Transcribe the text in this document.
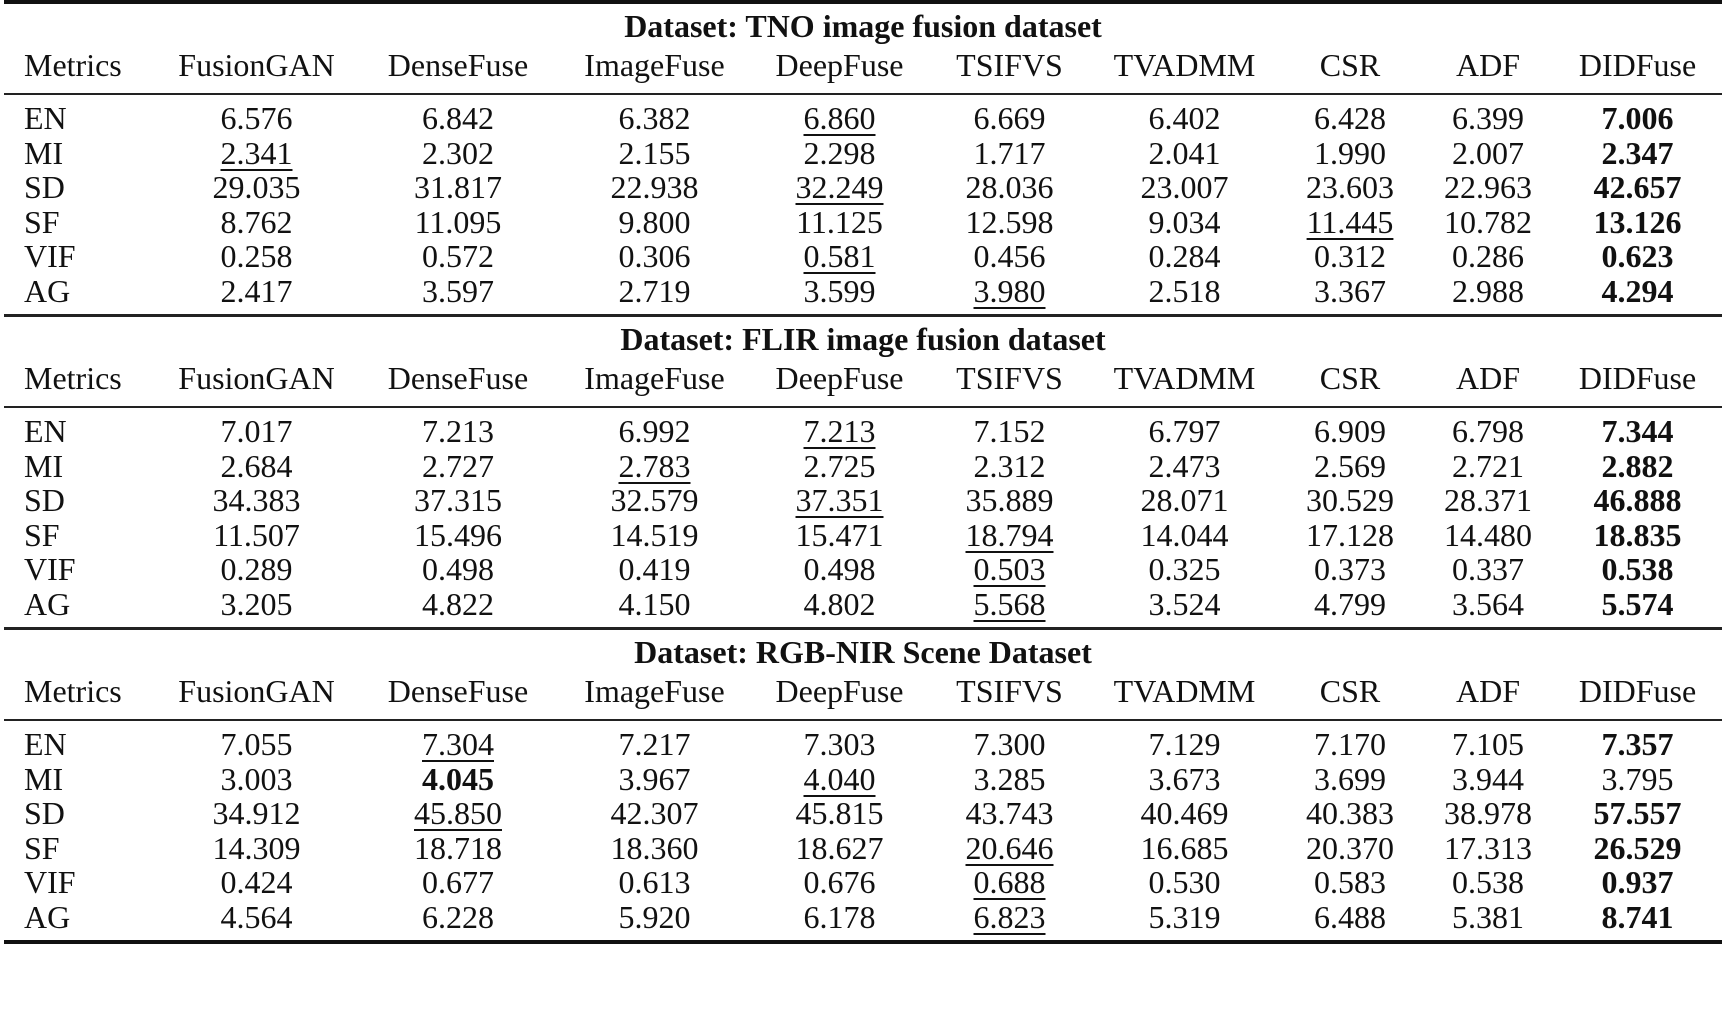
Dataset: TNO image fusion dataset									
Metrics	FusionGAN	DenseFuse	ImageFuse	DeepFuse	TSIFVS	TVADMM	CSR	ADF	DIDFuse

EN	6.576	6.842	6.382	6.860	6.669	6.402	6.428	6.399	7.006
MI	2.341	2.302	2.155	2.298	1.717	2.041	1.990	2.007	2.347
SD	29.035	31.817	22.938	32.249	28.036	23.007	23.603	22.963	42.657
SF	8.762	11.095	9.800	11.125	12.598	9.034	11.445	10.782	13.126
VIF	0.258	0.572	0.306	0.581	0.456	0.284	0.312	0.286	0.623
AG	2.417	3.597	2.719	3.599	3.980	2.518	3.367	2.988	4.294

Dataset: FLIR image fusion dataset									
Metrics	FusionGAN	DenseFuse	ImageFuse	DeepFuse	TSIFVS	TVADMM	CSR	ADF	DIDFuse

EN	7.017	7.213	6.992	7.213	7.152	6.797	6.909	6.798	7.344
MI	2.684	2.727	2.783	2.725	2.312	2.473	2.569	2.721	2.882
SD	34.383	37.315	32.579	37.351	35.889	28.071	30.529	28.371	46.888
SF	11.507	15.496	14.519	15.471	18.794	14.044	17.128	14.480	18.835
VIF	0.289	0.498	0.419	0.498	0.503	0.325	0.373	0.337	0.538
AG	3.205	4.822	4.150	4.802	5.568	3.524	4.799	3.564	5.574

Dataset: RGB-NIR Scene Dataset									
Metrics	FusionGAN	DenseFuse	ImageFuse	DeepFuse	TSIFVS	TVADMM	CSR	ADF	DIDFuse

EN	7.055	7.304	7.217	7.303	7.300	7.129	7.170	7.105	7.357
MI	3.003	4.045	3.967	4.040	3.285	3.673	3.699	3.944	3.795
SD	34.912	45.850	42.307	45.815	43.743	40.469	40.383	38.978	57.557
SF	14.309	18.718	18.360	18.627	20.646	16.685	20.370	17.313	26.529
VIF	0.424	0.677	0.613	0.676	0.688	0.530	0.583	0.538	0.937
AG	4.564	6.228	5.920	6.178	6.823	5.319	6.488	5.381	8.741
